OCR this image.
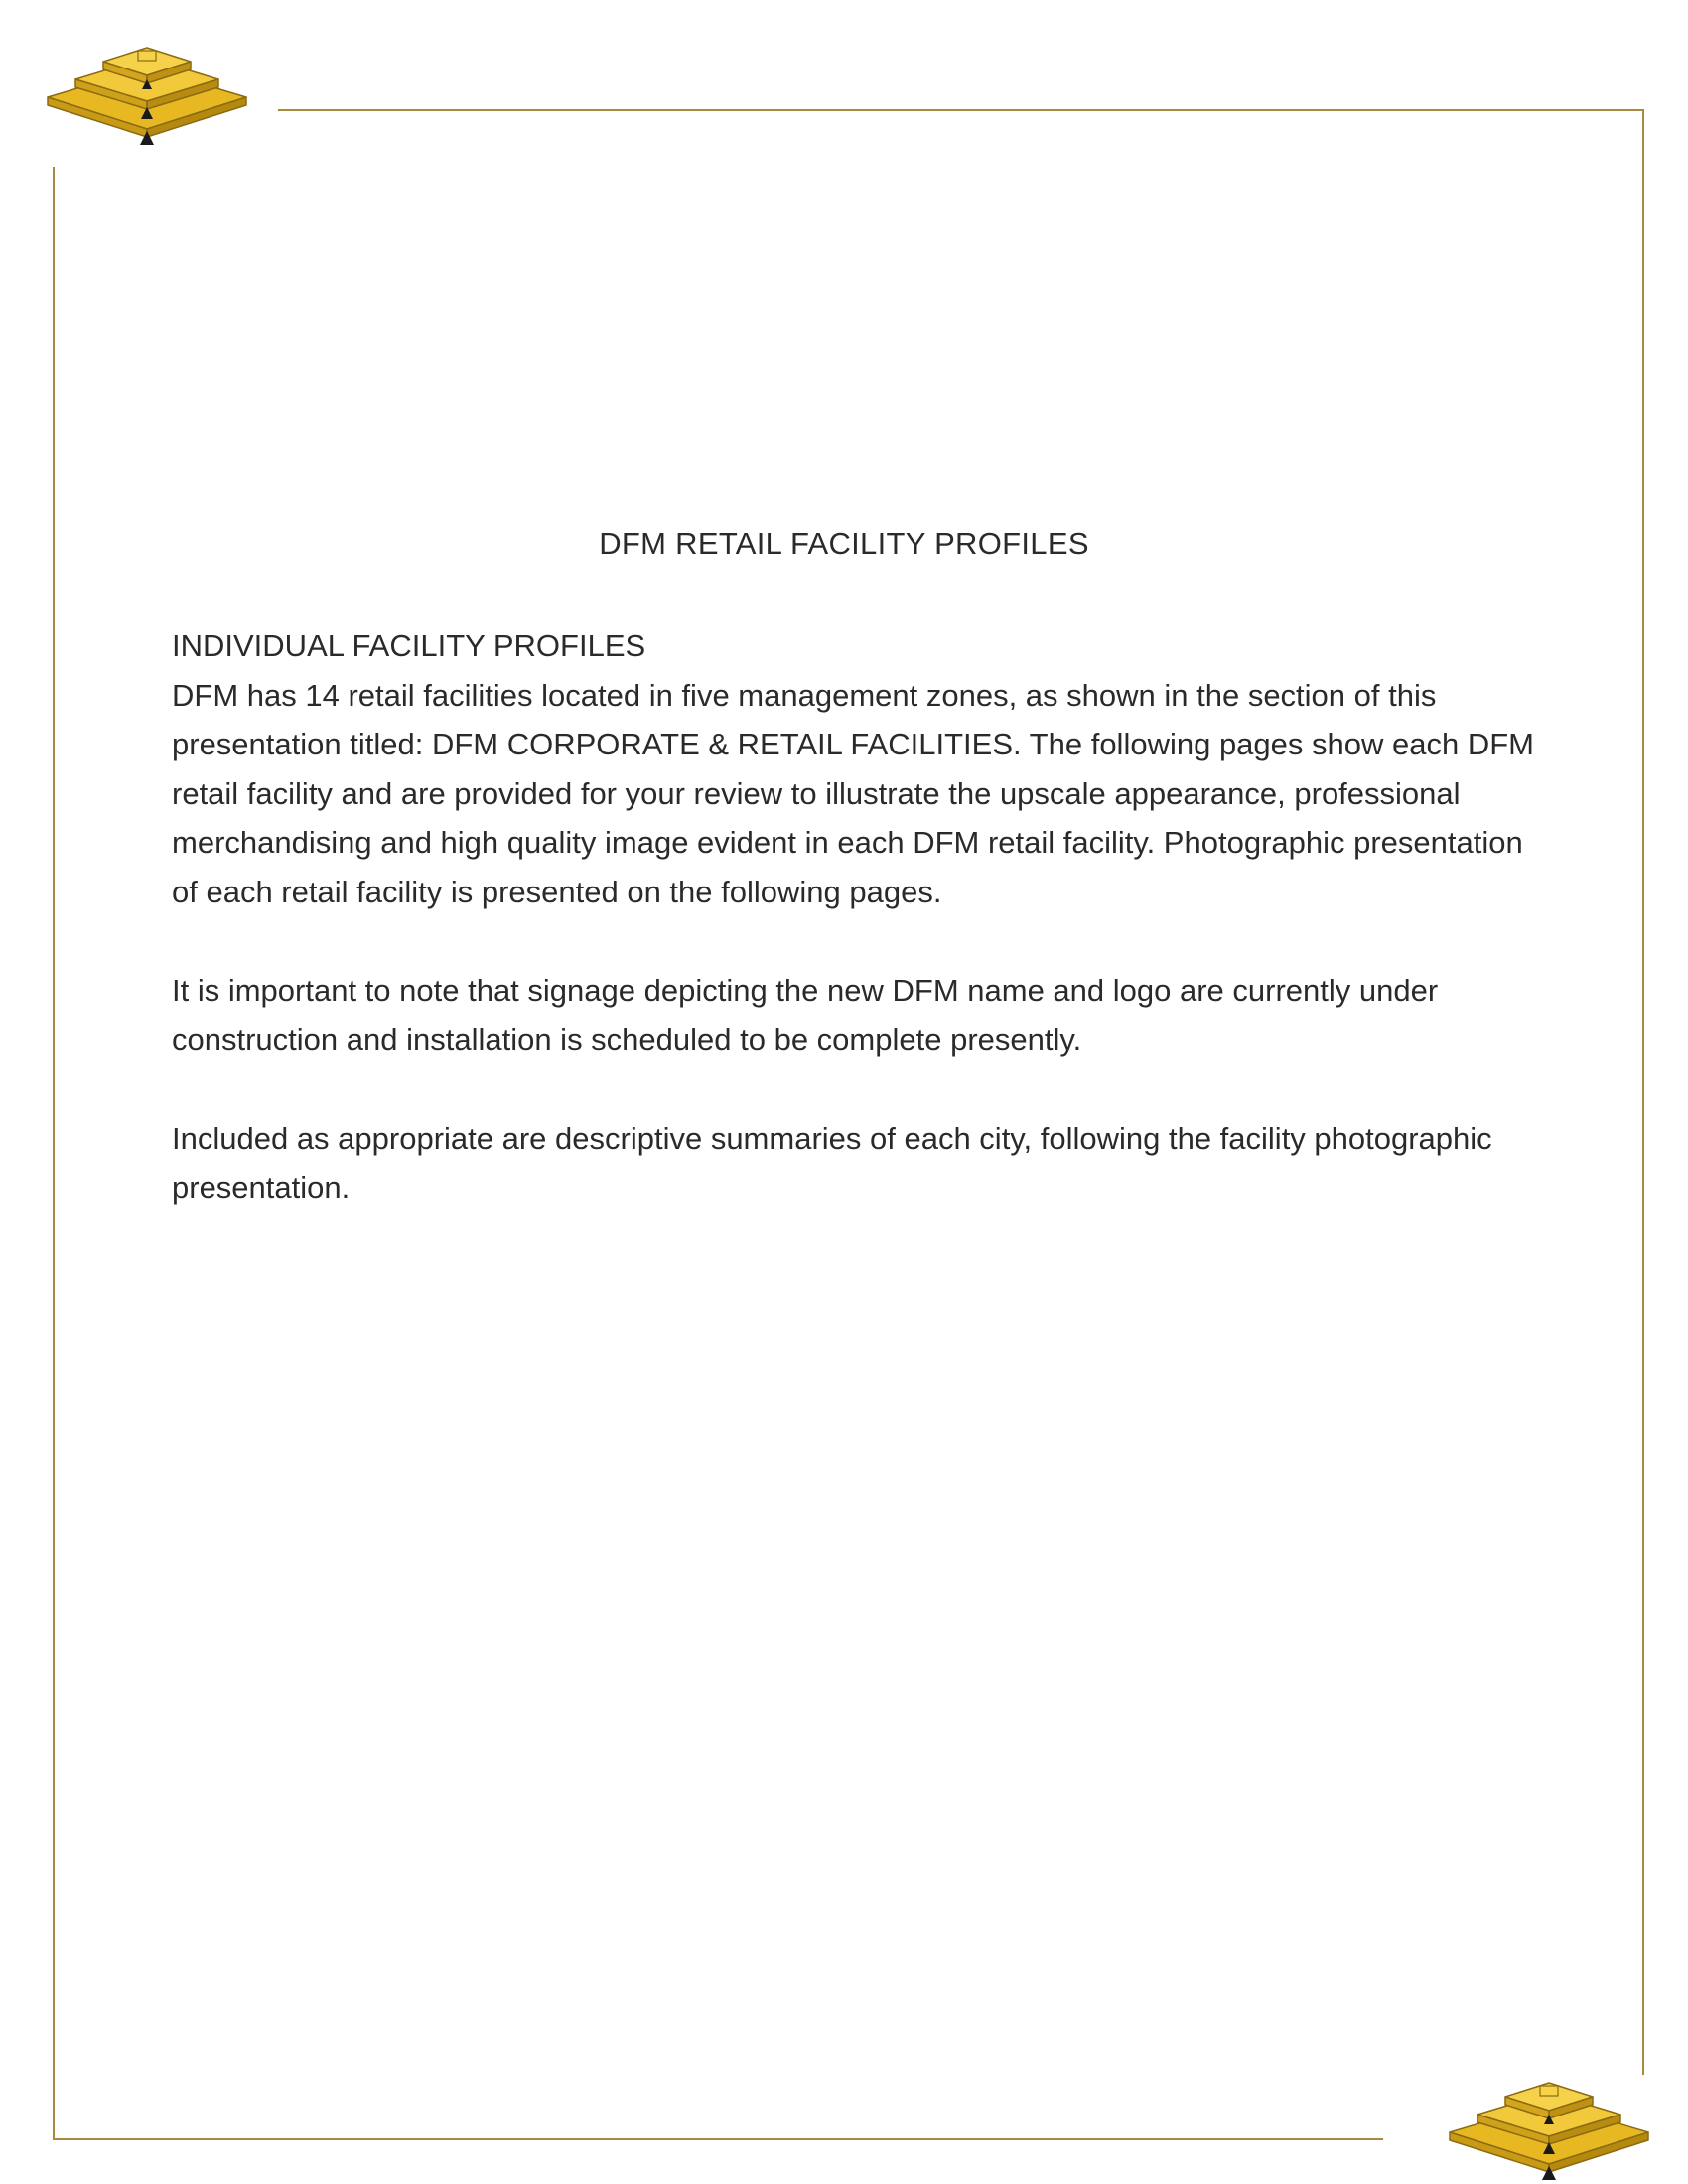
DFM RETAIL FACILITY PROFILES
INDIVIDUAL FACILITY PROFILES

DFM has 14 retail facilities located in five management zones, as shown in the section of this presentation titled: DFM CORPORATE & RETAIL FACILITIES. The following pages show each DFM retail facility and are provided for your review to illustrate the upscale appearance, professional merchandising and high quality image evident in each DFM retail facility. Photographic presentation of each retail facility is presented on the following pages.

It is important to note that signage depicting the new DFM name and logo are currently under construction and installation is scheduled to be complete presently.

Included as appropriate are descriptive summaries of each city, following the facility photographic presentation.
